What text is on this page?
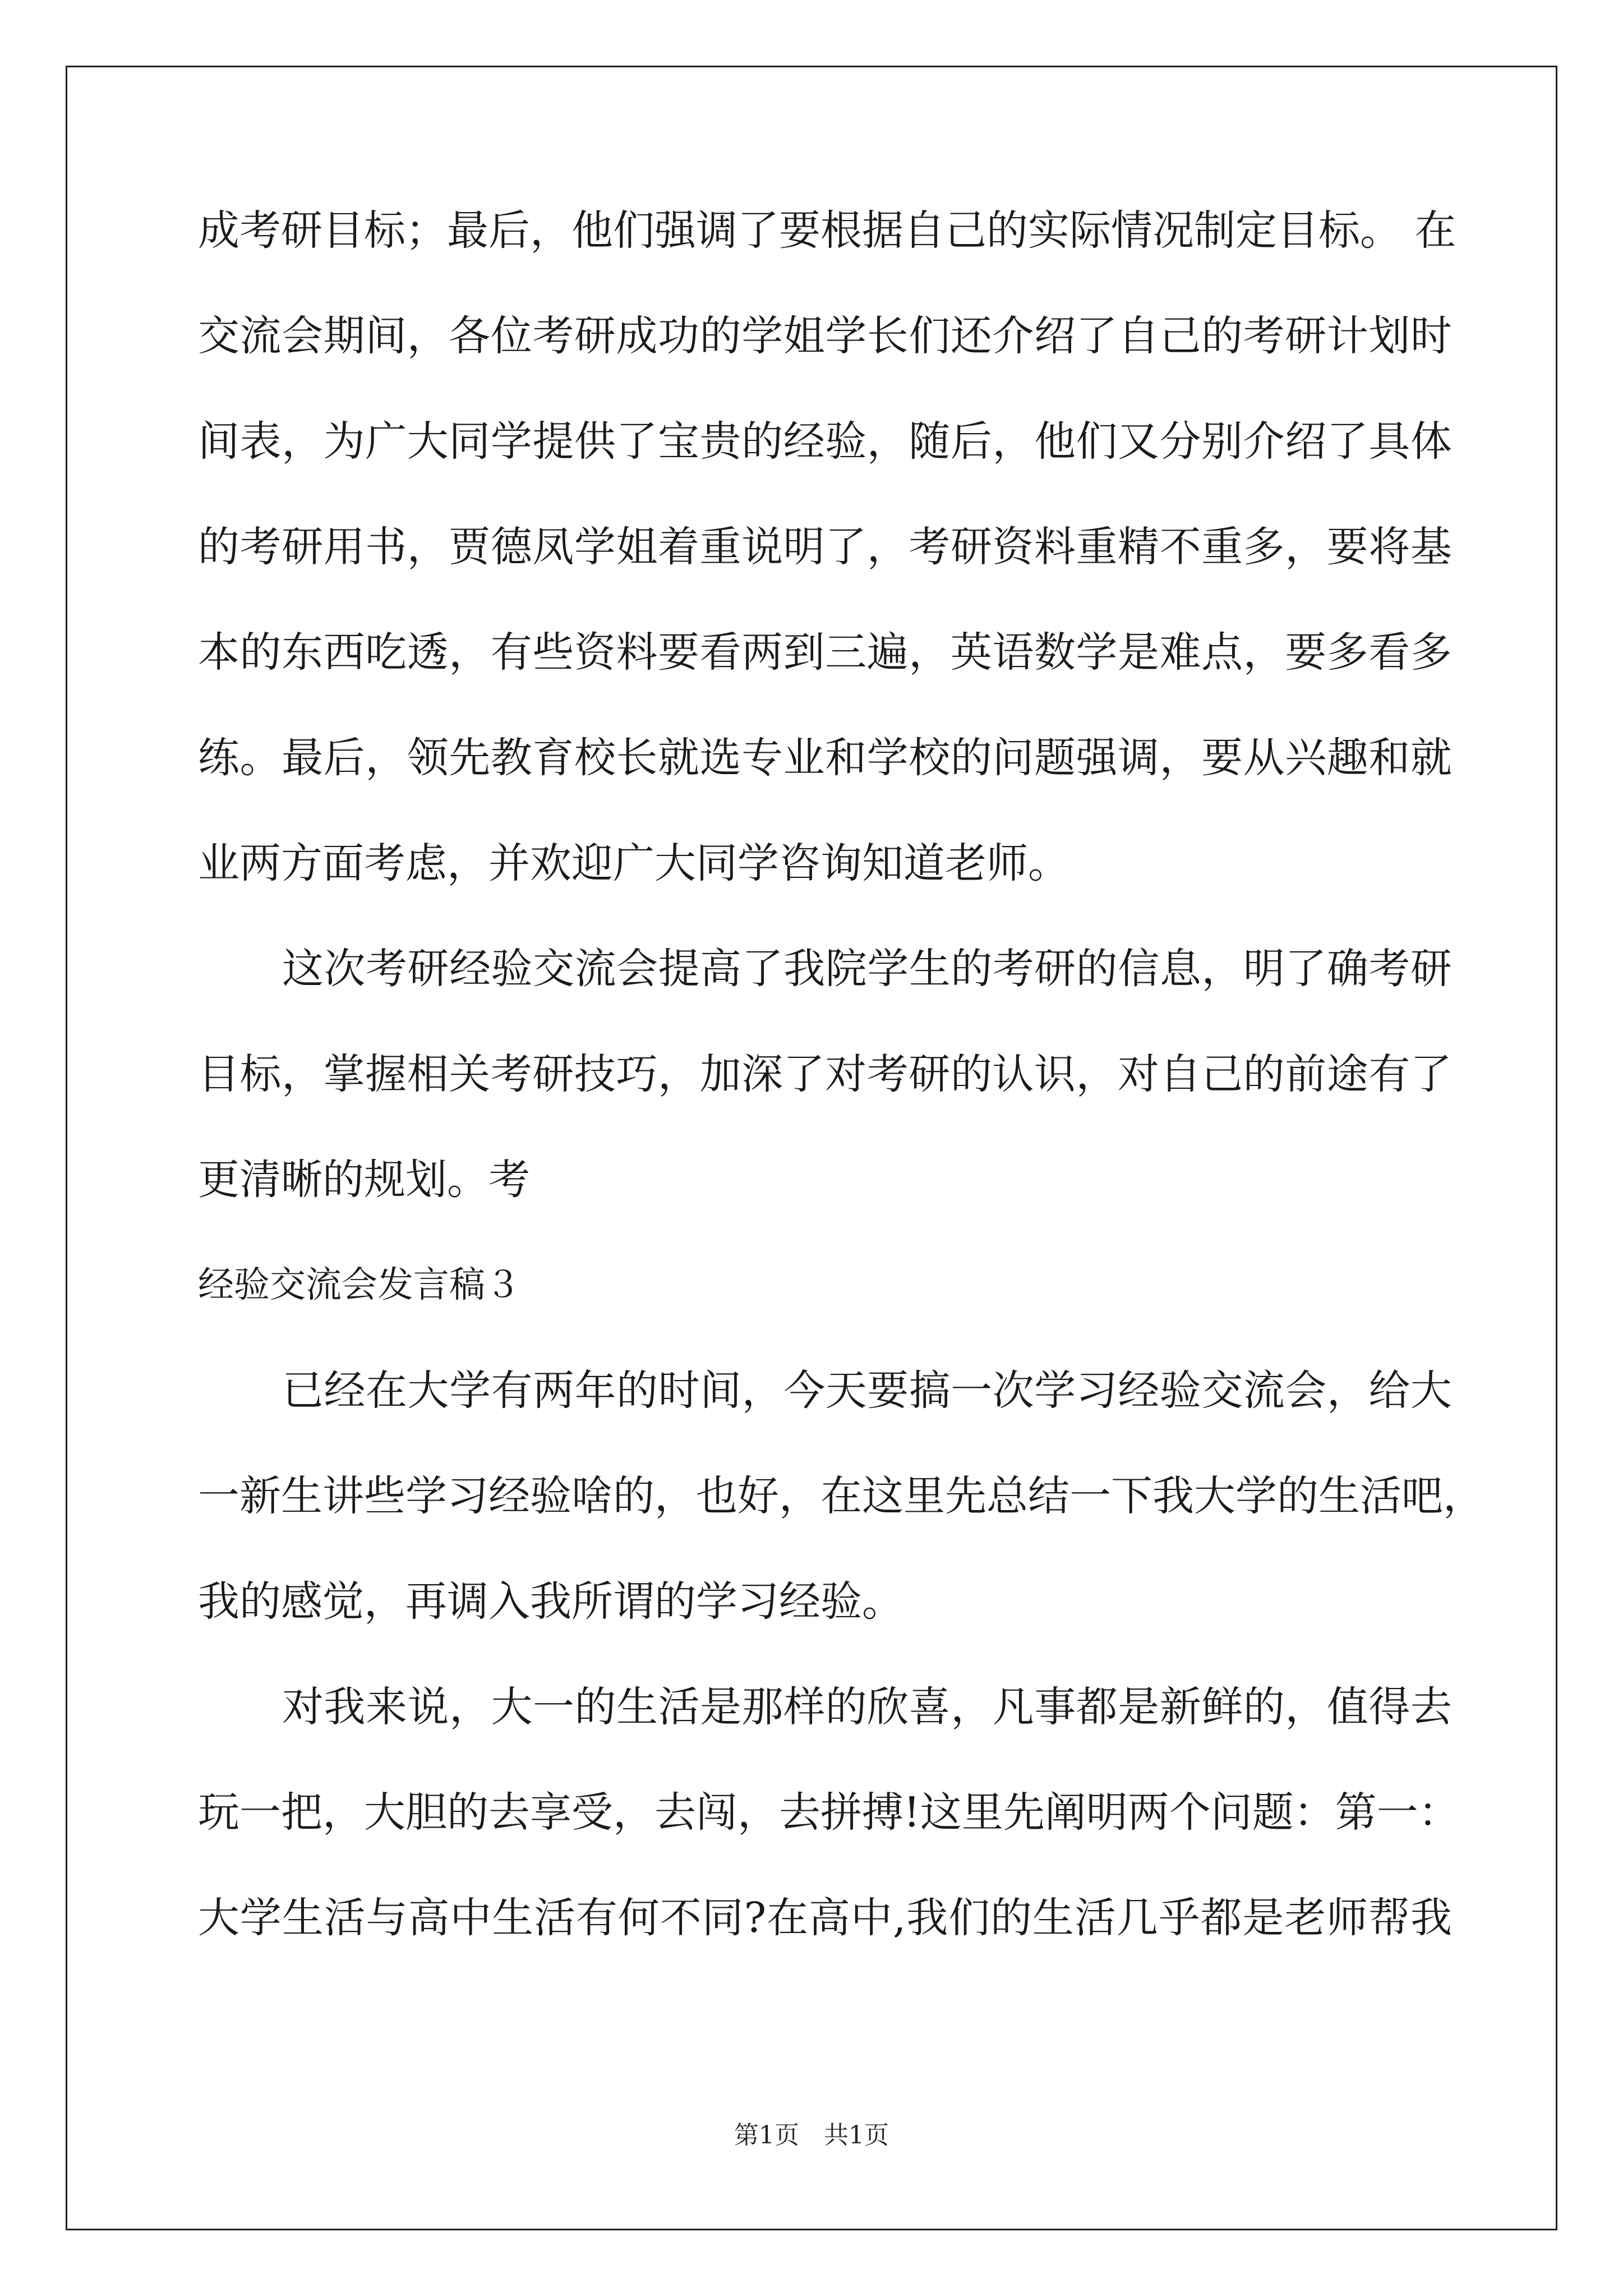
成 考 研 目 标 ； 最 后 ， 他 们 强 调 了 要 根 据 自 己 的 实 际 情 况 制 定 目 标 。
在
交 流 会 期 间 ， 各 位 考 研 成 功 的 学 姐 学 长 们 还 介 绍 了 自 己 的 考 研 计 划 时
间 表 ， 为 广 大 同 学 提 供 了 宝 贵 的 经 验 ， 随 后 ， 他 们 又 分 别 介 绍 了 具 体
的 考 研 用 书 ， 贾 德 凤 学 姐 着 重 说 明 了 ， 考 研 资 料 重 精 不 重 多 ， 要 将 基
本 的 东 西 吃 透 ， 有 些 资 料 要 看 两 到 三 遍 ， 英 语 数 学 是 难 点 ， 要 多 看 多
练 。 最 后 ， 领 先 教 育 校 长 就 选 专 业 和 学 校 的 问 题 强 调 ， 要 从 兴 趣 和 就
业两方面考虑，并欢迎广大同学咨询知道老师。
这 次 考 研 经 验 交 流 会 提 高 了 我 院 学 生 的 考 研 的 信 息 ， 明 了 确 考 研
目 标 ， 掌 握 相 关 考 研 技 巧 ， 加 深 了 对 考 研 的 认 识 ， 对 自 己 的 前 途 有 了
更清晰的规划。考
经验交流会发言稿３
已 经 在 大 学 有 两 年 的 时 间 ， 今 天 要 搞 一 次 学 习 经 验 交 流 会 ， 给 大
一 新 生 讲 些 学 习 经 验 啥 的 ， 也 好 ， 在 这 里 先 总 结 一 下 我 大 学 的 生 活 吧 ，
我的感觉，再调入我所谓的学习经验。
对 我 来 说 ， 大 一 的 生 活 是 那 样 的 欣 喜 ， 凡 事 都 是 新 鲜 的 ， 值 得 去
玩 一 把 ， 大 胆 的 去 享 受 ， 去 闯 ， 去 拼 搏 ! 这 里 先 阐 明 两 个 问 题 ： 第 一 ：
大 学 生 活 与 高 中 生 活 有 何 不 同 ? 在 高 中 , 我 们 的 生 活 几 乎 都 是 老 师 帮 我
第1页　共1页
